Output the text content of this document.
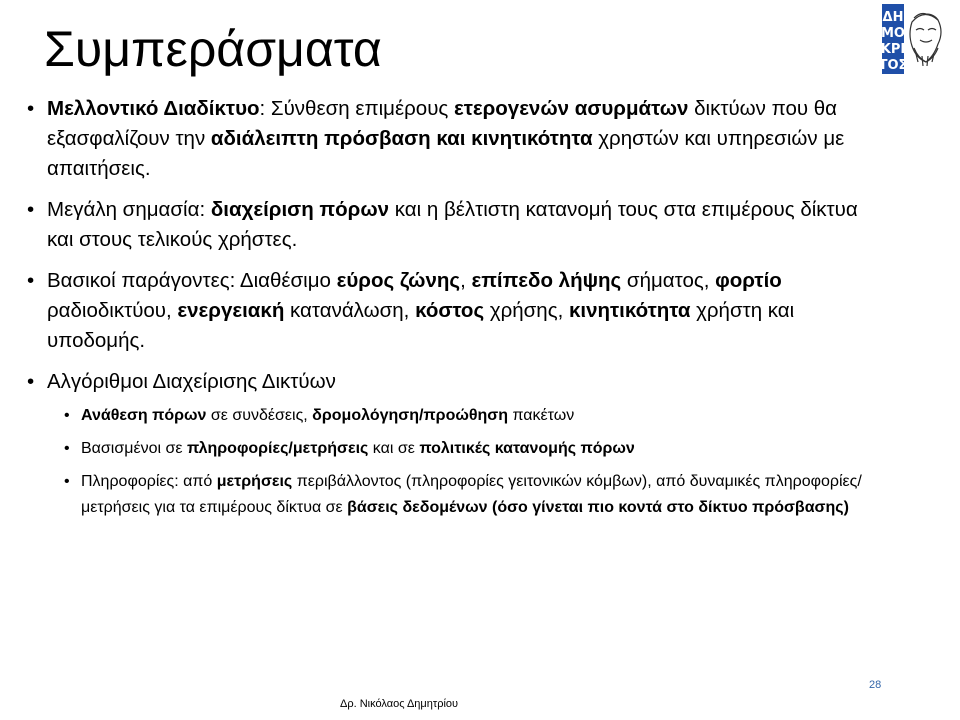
Συμπεράσματα
ΔΗ
ΜΟ
ΚΡΙ
ΤΟΣ
• Μελλοντικό Διαδίκτυο: Σύνθεση επιμέρους ετερογενών ασυρμάτων δικτύων που θα εξασφαλίζουν την αδιάλειπτη πρόσβαση και κινητικότητα χρηστών και υπηρεσιών με απαιτήσεις.
• Μεγάλη σημασία: διαχείριση πόρων και η βέλτιστη κατανομή τους στα επιμέρους δίκτυα και στους τελικούς χρήστες.
• Βασικοί παράγοντες: Διαθέσιμο εύρος ζώνης, επίπεδο λήψης σήματος, φορτίο ραδιοδικτύου, ενεργειακή κατανάλωση, κόστος χρήσης, κινητικότητα χρήστη και υποδομής.
• Αλγόριθμοι Διαχείρισης Δικτύων
• Ανάθεση πόρων σε συνδέσεις, δρομολόγηση/προώθηση πακέτων
• Βασισμένοι σε πληροφορίες/μετρήσεις και σε πολιτικές κατανομής πόρων
• Πληροφορίες: από μετρήσεις περιβάλλοντος (πληροφορίες γειτονικών κόμβων), από δυναμικές πληροφορίες/μετρήσεις για τα επιμέρους δίκτυα σε βάσεις δεδομένων (όσο γίνεται πιο κοντά στο δίκτυο πρόσβασης)
28
Δρ. Νικόλαος Δημητρίου
